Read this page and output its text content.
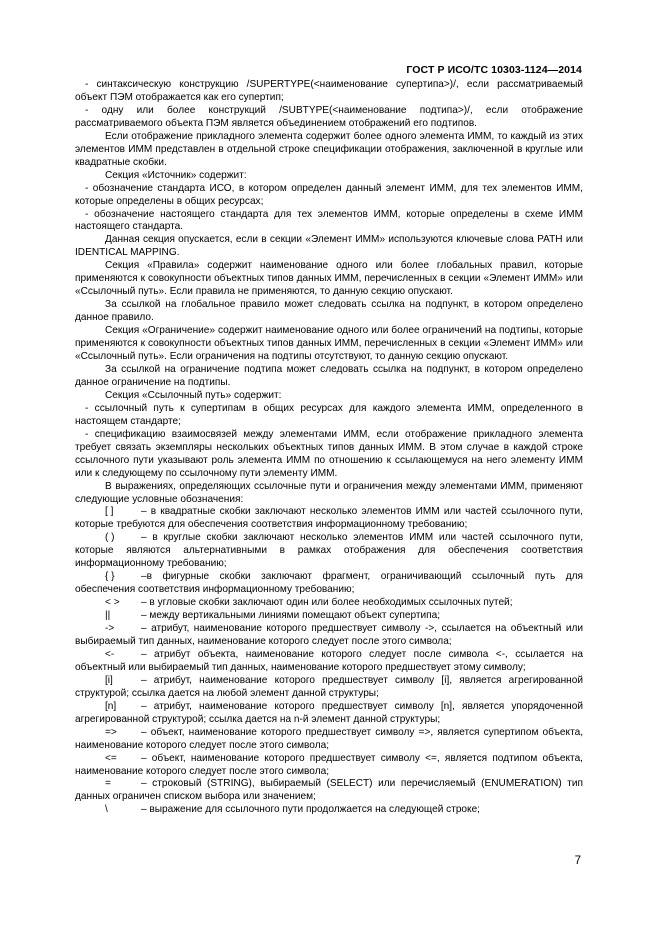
ГОСТ Р ИСО/ТС 10303-1124—2014

- синтаксическую конструкцию /SUPERTYPE(<наименование супертипа>)/, если рассматриваемый объект ПЭМ отображается как его супертип;

- одну или более конструкций /SUBTYPE(<наименование подтипа>)/, если отображение рассматриваемого объекта ПЭМ является объединением отображений его подтипов.

Если отображение прикладного элемента содержит более одного элемента ИММ, то каждый из этих элементов ИММ представлен в отдельной строке спецификации отображения, заключенной в круглые или квадратные скобки.

Секция «Источник» содержит:

- обозначение стандарта ИСО, в котором определен данный элемент ИММ, для тех элементов ИММ, которые определены в общих ресурсах;

- обозначение настоящего стандарта для тех элементов ИММ, которые определены в схеме ИММ настоящего стандарта.

Данная секция опускается, если в секции «Элемент ИММ» используются ключевые слова PATH или IDENTICAL MAPPING.

Секция «Правила» содержит наименование одного или более глобальных правил, которые применяются к совокупности объектных типов данных ИММ, перечисленных в секции «Элемент ИММ» или «Ссылочный путь». Если правила не применяются, то данную секцию опускают.

За ссылкой на глобальное правило может следовать ссылка на подпункт, в котором определено данное правило.

Секция «Ограничение» содержит наименование одного или более ограничений на подтипы, которые применяются к совокупности объектных типов данных ИММ, перечисленных в секции «Элемент ИММ» или «Ссылочный путь». Если ограничения на подтипы отсутствуют, то данную секцию опускают.

За ссылкой на ограничение подтипа может следовать ссылка на подпункт, в котором определено данное ограничение на подтипы.

Секция «Ссылочный путь» содержит:

- ссылочный путь к супертипам в общих ресурсах для каждого элемента ИММ, определенного в настоящем стандарте;

- спецификацию взаимосвязей между элементами ИММ, если отображение прикладного элемента требует связать экземпляры нескольких объектных типов данных ИММ. В этом случае в каждой строке ссылочного пути указывают роль элемента ИММ по отношению к ссылающемуся на него элементу ИММ или к следующему по ссылочному пути элементу ИММ.

В выражениях, определяющих ссылочные пути и ограничения между элементами ИММ, применяют следующие условные обозначения:

[ ]	– в квадратные скобки заключают несколько элементов ИММ или частей ссылочного пути, которые требуются для обеспечения соответствия информационному требованию;

( )	– в круглые скобки заключают несколько элементов ИММ или частей ссылочного пути, которые являются альтернативными в рамках отображения для обеспечения соответствия информационному требованию;

{ }	–в фигурные скобки заключают фрагмент, ограничивающий ссылочный путь для обеспечения соответствия информационному требованию;

< > – в угловые скобки заключают один или более необходимых ссылочных путей;

||	– между вертикальными линиями помещают объект супертипа;

->	– атрибут, наименование которого предшествует символу ->, ссылается на объектный или выбираемый тип данных, наименование которого следует после этого символа;

<-	– атрибут объекта, наименование которого следует после символа <-, ссылается на объектный или выбираемый тип данных, наименование которого предшествует этому символу;

[i]	– атрибут, наименование которого предшествует символу [i], является агрегированной структурой; ссылка дается на любой элемент данной структуры;

[n] – атрибут, наименование которого предшествует символу [n], является упорядоченной агрегированной структурой; ссылка дается на n-й элемент данной структуры;

=> – объект, наименование которого предшествует символу =>, является супертипом объекта, наименование которого следует после этого символа;

<= – объект, наименование которого предшествует символу <=, является подтипом объекта, наименование которого следует после этого символа;

=	– строковый (STRING), выбираемый (SELECT) или перечисляемый (ENUMERATION) тип данных ограничен списком выбора или значением;

\	– выражение для ссылочного пути продолжается на следующей строке;

7
